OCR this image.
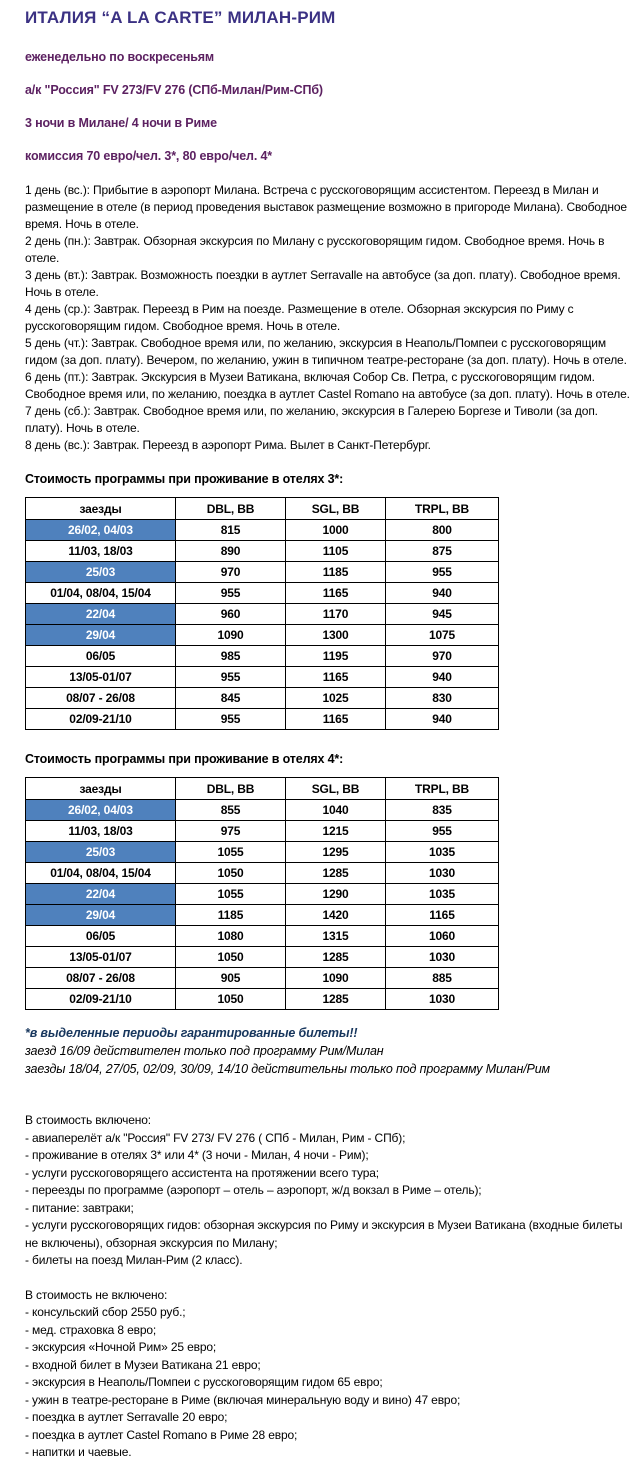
ИТАЛИЯ “A LA CARTE” МИЛАН-РИМ

еженедельно по воскресеньям

а/к "Россия" FV 273/FV 276 (СПб-Милан/Рим-СПб)

3 ночи в Милане/ 4 ночи в Риме

комиссия 70 евро/чел. 3*, 80 евро/чел. 4*

1 день (вс.): Прибытие в аэропорт Милана. Встреча с русскоговорящим ассистентом. Переезд в Милан и размещение в отеле (в период проведения выставок размещение возможно в пригороде Милана). Свободное время. Ночь в отеле.

2 день (пн.): Завтрак. Обзорная экскурсия по Милану с русскоговорящим гидом. Свободное время. Ночь в отеле.

3 день (вт.): Завтрак. Возможность поездки в аутлет Serravalle на автобусе (за доп. плату). Свободное время. Ночь в отеле.

4 день (ср.): Завтрак. Переезд в Рим на поезде. Размещение в отеле. Обзорная экскурсия по Риму с русскоговорящим гидом. Свободное время. Ночь в отеле.

5 день (чт.): Завтрак. Свободное время или, по желанию, экскурсия в Неаполь/Помпеи с русскоговорящим гидом (за доп. плату). Вечером, по желанию, ужин в типичном театре-ресторане (за доп. плату). Ночь в отеле.

6 день (пт.): Завтрак. Экскурсия в Музеи Ватикана, включая Собор Св. Петра, с русскоговорящим гидом. Свободное время или, по желанию, поездка в аутлет Castel Romano на автобусе (за доп. плату). Ночь в отеле.

7 день (сб.): Завтрак. Свободное время или, по желанию, экскурсия в Галерею Боргезе и Тиволи (за доп. плату). Ночь в отеле.

8 день (вс.): Завтрак. Переезд в аэропорт Рима. Вылет в Санкт-Петербург.

Стоимость программы при проживание в отелях 3*:

заезды	DBL, BB	SGL, BB	TRPL, BB
26/02, 04/03	815	1000	800
11/03, 18/03	890	1105	875
25/03	970	1185	955
01/04, 08/04, 15/04	955	1165	940
22/04	960	1170	945
29/04	1090	1300	1075
06/05	985	1195	970
13/05-01/07	955	1165	940
08/07 - 26/08	845	1025	830
02/09-21/10	955	1165	940

Стоимость программы при проживание в отелях 4*:

заезды	DBL, BB	SGL, BB	TRPL, BB
26/02, 04/03	855	1040	835
11/03, 18/03	975	1215	955
25/03	1055	1295	1035
01/04, 08/04, 15/04	1050	1285	1030
22/04	1055	1290	1035
29/04	1185	1420	1165
06/05	1080	1315	1060
13/05-01/07	1050	1285	1030
08/07 - 26/08	905	1090	885
02/09-21/10	1050	1285	1030

*в выделенные периоды гарантированные билеты!!

заезд 16/09 действителен только под программу Рим/Милан

заезды 18/04, 27/05, 02/09, 30/09, 14/10 действительны только под программу Милан/Рим

В стоимость включено:

- авиаперелёт а/к "Россия" FV 273/ FV 276 ( СПб - Милан, Рим - СПб);

- проживание в отелях 3* или 4* (3 ночи - Милан, 4 ночи - Рим);

- услуги русскоговорящего ассистента на протяжении всего тура;

- переезды по программе (аэропорт – отель – аэропорт, ж/д вокзал в Риме – отель);

- питание: завтраки;

- услуги русскоговорящих гидов: обзорная экскурсия по Риму и экскурсия в Музеи Ватикана (входные билеты не включены), обзорная экскурсия по Милану;

- билеты на поезд Милан-Рим (2 класс).

В стоимость не включено:

- консульский сбор 2550 руб.;

- мед. страховка 8 евро;

- экскурсия «Ночной Рим» 25 евро;

- входной билет в Музеи Ватикана 21 евро;

- экскурсия в Неаполь/Помпеи с русскоговорящим гидом 65 евро;

- ужин в театре-ресторане в Риме (включая минеральную воду и вино) 47 евро;

- поездка в аутлет Serravalle 20 евро;

- поездка в аутлет Castel Romano в Риме 28 евро;

- напитки и чаевые.
